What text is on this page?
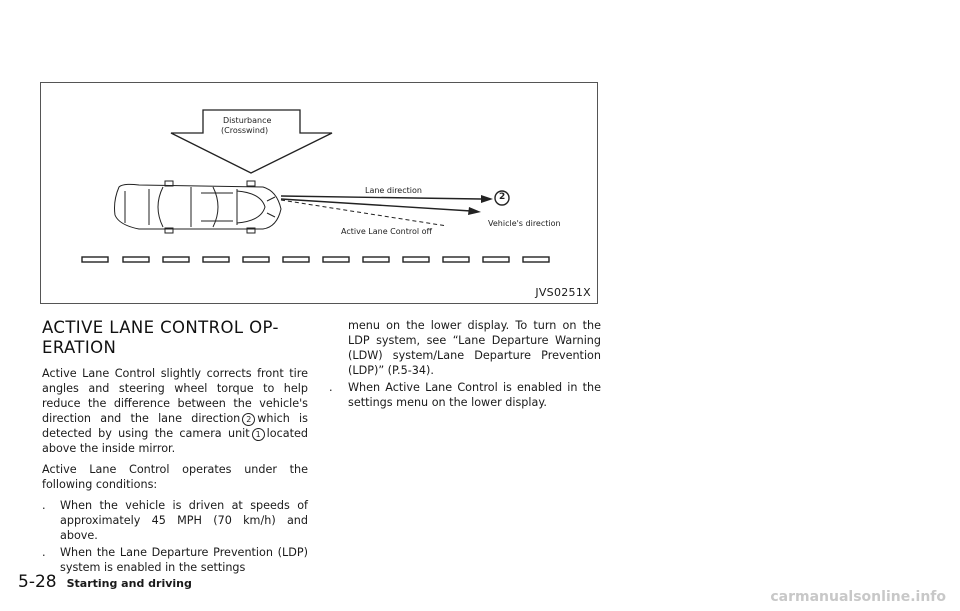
Disturbance
(Crosswind)
Lane direction
Vehicle's direction
Active Lane Control off
2
JVS0251X
ACTIVE LANE CONTROL OP-
ERATION

Active Lane Control slightly corrects front tire angles and steering wheel torque to help reduce the difference between the vehicle's direction and the lane direction 2 which is detected by using the camera unit 1 located above the inside mirror.

Active Lane Control operates under the following conditions:

. When the vehicle is driven at speeds of approximately 45 MPH (70 km/h) and above.
. When the Lane Departure Prevention (LDP) system is enabled in the settings

menu on the lower display. To turn on the LDP system, see “Lane Departure Warning (LDW) system/Lane Departure Prevention (LDP)” (P.5-34).

. When Active Lane Control is enabled in the settings menu on the lower display.
5-28 Starting and driving
carmanualsonline.info
